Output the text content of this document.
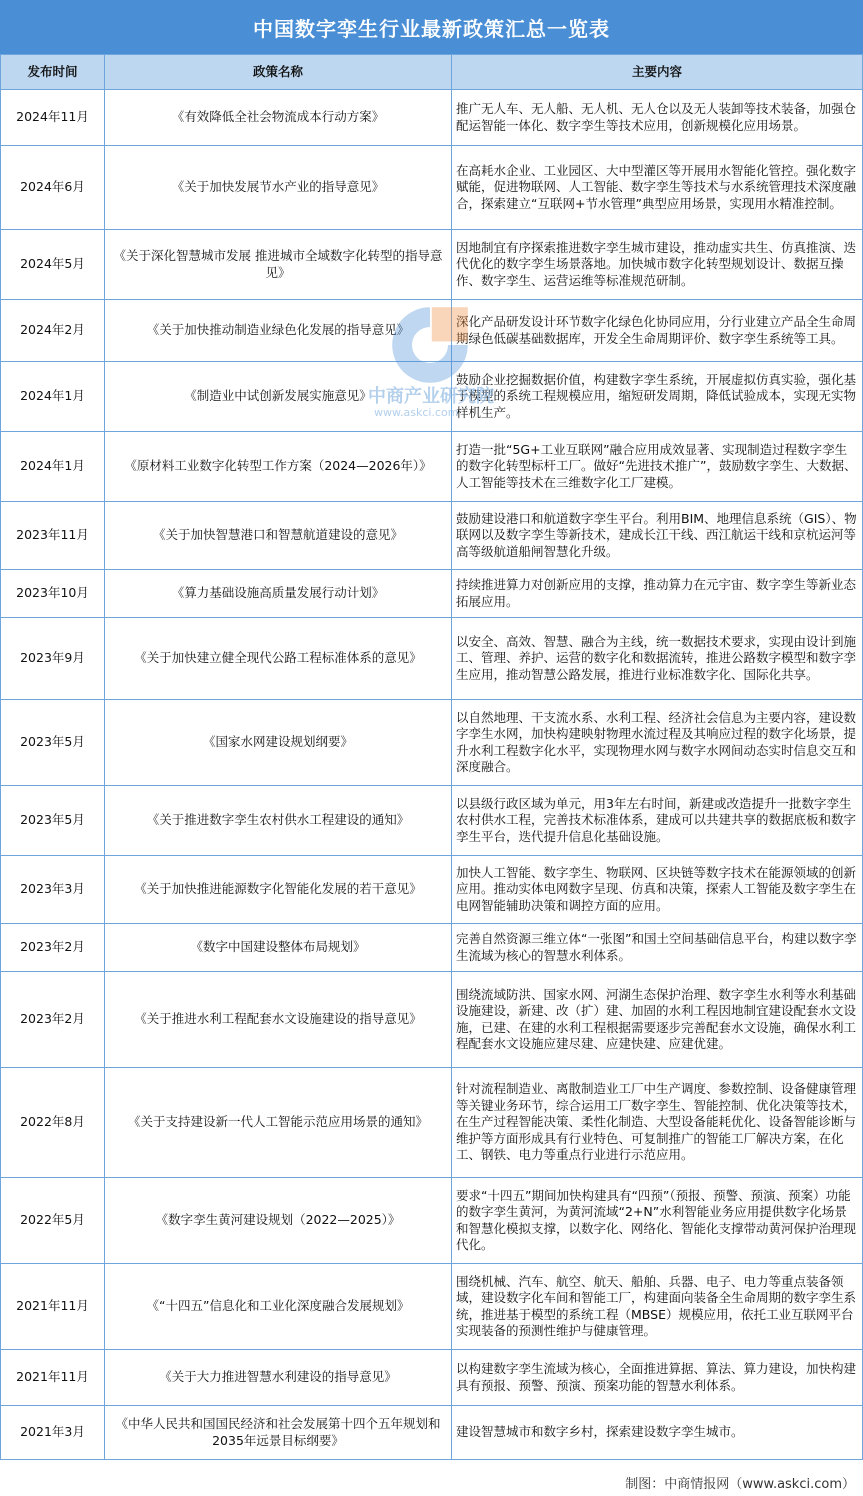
中国数字孪生行业最新政策汇总一览表
发布时间	政策名称	主要内容
2024年11月	《有效降低全社会物流成本行动方案》	推广无人车、无人船、无人机、无人仓以及无人装卸等技术装备，加强仓配运智能一体化、数字孪生等技术应用，创新规模化应用场景。
2024年6月	《关于加快发展节水产业的指导意见》	在高耗水企业、工业园区、大中型灌区等开展用水智能化管控。强化数字赋能，促进物联网、人工智能、数字孪生等技术与水系统管理技术深度融合，探索建立“互联网+节水管理”典型应用场景，实现用水精准控制。
2024年5月	《关于深化智慧城市发展 推进城市全域数字化转型的指导意见》	因地制宜有序探索推进数字孪生城市建设，推动虚实共生、仿真推演、迭代优化的数字孪生场景落地。加快城市数字化转型规划设计、数据互操作、数字孪生、运营运维等标准规范研制。
2024年2月	《关于加快推动制造业绿色化发展的指导意见》	深化产品研发设计环节数字化绿色化协同应用，分行业建立产品全生命周期绿色低碳基础数据库，开发全生命周期评价、数字孪生系统等工具。
2024年1月	《制造业中试创新发展实施意见》	鼓励企业挖掘数据价值，构建数字孪生系统，开展虚拟仿真实验，强化基于模型的系统工程规模应用，缩短研发周期，降低试验成本，实现无实物样机生产。
2024年1月	《原材料工业数字化转型工作方案（2024—2026年）》	打造一批“5G+工业互联网”融合应用成效显著、实现制造过程数字孪生的数字化转型标杆工厂。做好“先进技术推广”，鼓励数字孪生、大数据、人工智能等技术在三维数字化工厂建模。
2023年11月	《关于加快智慧港口和智慧航道建设的意见》	鼓励建设港口和航道数字孪生平台。利用BIM、地理信息系统（GIS）、物联网以及数字孪生等新技术，建成长江干线、西江航运干线和京杭运河等高等级航道船闸智慧化升级。
2023年10月	《算力基础设施高质量发展行动计划》	持续推进算力对创新应用的支撑，推动算力在元宇宙、数字孪生等新业态拓展应用。
2023年9月	《关于加快建立健全现代公路工程标准体系的意见》	以安全、高效、智慧、融合为主线，统一数据技术要求，实现由设计到施工、管理、养护、运营的数字化和数据流转，推进公路数字模型和数字孪生应用，推动智慧公路发展，推进行业标准数字化、国际化共享。
2023年5月	《国家水网建设规划纲要》	以自然地理、干支流水系、水利工程、经济社会信息为主要内容，建设数字孪生水网，加快构建映射物理水流过程及其响应过程的数字化场景，提升水利工程数字化水平，实现物理水网与数字水网间动态实时信息交互和深度融合。
2023年5月	《关于推进数字孪生农村供水工程建设的通知》	以县级行政区域为单元，用3年左右时间，新建或改造提升一批数字孪生农村供水工程，完善技术标准体系，建成可以共建共享的数据底板和数字孪生平台，迭代提升信息化基础设施。
2023年3月	《关于加快推进能源数字化智能化发展的若干意见》	加快人工智能、数字孪生、物联网、区块链等数字技术在能源领域的创新应用。推动实体电网数字呈现、仿真和决策，探索人工智能及数字孪生在电网智能辅助决策和调控方面的应用。
2023年2月	《数字中国建设整体布局规划》	完善自然资源三维立体“一张图”和国土空间基础信息平台，构建以数字孪生流域为核心的智慧水利体系。
2023年2月	《关于推进水利工程配套水文设施建设的指导意见》	围绕流域防洪、国家水网、河湖生态保护治理、数字孪生水利等水利基础设施建设，新建、改（扩）建、加固的水利工程因地制宜建设配套水文设施，已建、在建的水利工程根据需要逐步完善配套水文设施，确保水利工程配套水文设施应建尽建、应建快建、应建优建。
2022年8月	《关于支持建设新一代人工智能示范应用场景的通知》	针对流程制造业、离散制造业工厂中生产调度、参数控制、设备健康管理等关键业务环节，综合运用工厂数字孪生、智能控制、优化决策等技术，在生产过程智能决策、柔性化制造、大型设备能耗优化、设备智能诊断与维护等方面形成具有行业特色、可复制推广的智能工厂解决方案，在化工、钢铁、电力等重点行业进行示范应用。
2022年5月	《数字孪生黄河建设规划（2022—2025）》	要求“十四五”期间加快构建具有“四预”（预报、预警、预演、预案）功能的数字孪生黄河，为黄河流域“2+N”水利智能业务应用提供数字化场景和智慧化模拟支撑，以数字化、网络化、智能化支撑带动黄河保护治理现代化。
2021年11月	《“十四五”信息化和工业化深度融合发展规划》	围绕机械、汽车、航空、航天、船舶、兵器、电子、电力等重点装备领域，建设数字化车间和智能工厂，构建面向装备全生命周期的数字孪生系统，推进基于模型的系统工程（MBSE）规模应用，依托工业互联网平台实现装备的预测性维护与健康管理。
2021年11月	《关于大力推进智慧水利建设的指导意见》	以构建数字孪生流域为核心，全面推进算据、算法、算力建设，加快构建具有预报、预警、预演、预案功能的智慧水利体系。
2021年3月	《中华人民共和国国民经济和社会发展第十四个五年规划和2035年远景目标纲要》	建设智慧城市和数字乡村，探索建设数字孪生城市。
中商产业研究院
www.askci.com
制图：中商情报网（www.askci.com）
